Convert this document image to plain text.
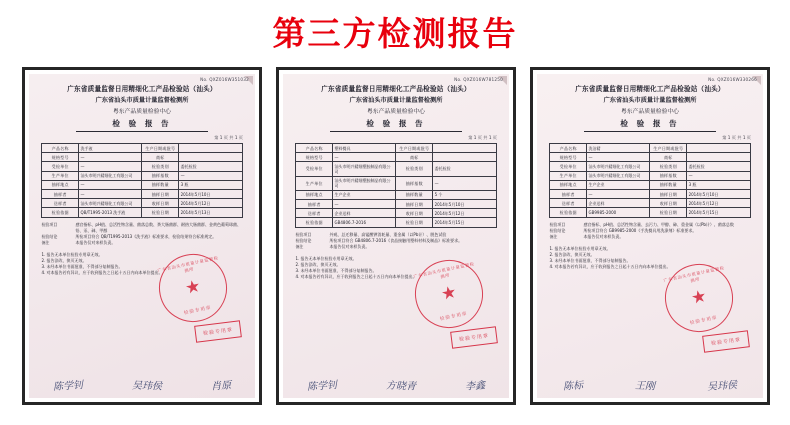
第三方检测报告
No. QXZ016W351032
广东省质量监督日用精细化工产品检验站（汕头）
广东省汕头市质量计量监督检测所
粤东产品质量检验中心
检 验 报 告
第 1 页 共 1 页
产品名称	洗手液	生产日期或批号	
规格型号	—	商标	
受检单位	—	检验类别	委托检验
生产单位	汕头市明兴精细化工有限公司	抽样基数	—
抽样地点	—	抽样数量	3 瓶
抽样者	—	抽样日期	2014年5月10日
送样者	汕头市明兴精细化工有限公司	收样日期	2014年5月12日
检验依据	QB/T1995-2013 洗手液	检验日期	2014年5月13日
检验项目	感官指标、pH值、总活性物含量、菌落总数、粪大肠菌群、耐热大肠菌群、金黄色葡萄球菌、铅、汞、砷、甲醇
检验结论	所检项目符合 QB/T1995-2013《洗手液》标准要求，检验结果符合标准规定。
备注	本报告仅对来样负责。
1. 报告无本单位检验专用章无效。
2. 报告涂改、换页无效。
3. 未经本单位书面批准，不得部分复制报告。
4. 对本报告若有异议，应于收到报告之日起十五日内向本单位提出。
广东省汕头市质量计量监督检测所
★
检验专用章
检验专用章
陈学钊	吴玮侯	肖原
No. QXZ016W781250
广东省质量监督日用精细化工产品检验站（汕头）
广东省汕头市质量计量监督检测所
粤东产品质量检验中心
检 验 报 告
第 1 页 共 1 页
产品名称	塑料餐具	生产日期或批号	
规格型号	—	商标	
受检单位	汕头市明兴精细塑胶制品有限公司	检验类别	委托检验
生产单位	汕头市明兴精细塑胶制品有限公司	抽样基数	—
抽样地点	生产企业	抽样数量	5 个
抽样者	—	抽样日期	2014年5月10日
送样者	企业送样	收样日期	2014年5月12日
检验依据	GB4806.7-2016	检验日期	2014年5月15日
检验项目	外观、总迁移量、高锰酸钾消耗量、重金属（以Pb计）、脱色试验
检验结论	所检项目符合 GB4806.7-2016《食品接触用塑料材料及制品》标准要求。
备注	本报告仅对来样负责。
1. 报告无本单位检验专用章无效。
2. 报告涂改、换页无效。
3. 未经本单位书面批准，不得部分复制报告。
4. 对本报告若有异议，应于收到报告之日起十五日内向本单位提出。
广东省汕头市质量计量监督检测所
★
检验专用章
检验专用章
陈学钊	方晓青	李鑫
No. QXZ016W330266
广东省质量监督日用精细化工产品检验站（汕头）
广东省汕头市质量计量监督检测所
粤东产品质量检验中心
检 验 报 告
第 1 页 共 1 页
产品名称	洗洁精	生产日期或批号	
规格型号	—	商标	
受检单位	汕头市明兴精细化工有限公司	检验类别	委托检验
生产单位	汕头市明兴精细化工有限公司	抽样基数	—
抽样地点	生产企业	抽样数量	3 瓶
抽样者	—	抽样日期	2014年5月10日
送样者	企业送样	收样日期	2014年5月12日
检验依据	GB9985-2000	检验日期	2014年5月15日
检验项目	感官指标、pH值、总活性物含量、去污力、甲醇、砷、重金属（以Pb计）、菌落总数
检验结论	所检项目符合 GB9985-2000《手洗餐具用洗涤剂》标准要求。
备注	本报告仅对来样负责。
1. 报告无本单位检验专用章无效。
2. 报告涂改、换页无效。
3. 未经本单位书面批准，不得部分复制报告。
4. 对本报告若有异议，应于收到报告之日起十五日内向本单位提出。
广东省汕头市质量计量监督检测所
★
检验专用章
检验专用章
陈标	王刚	吴玮侯
